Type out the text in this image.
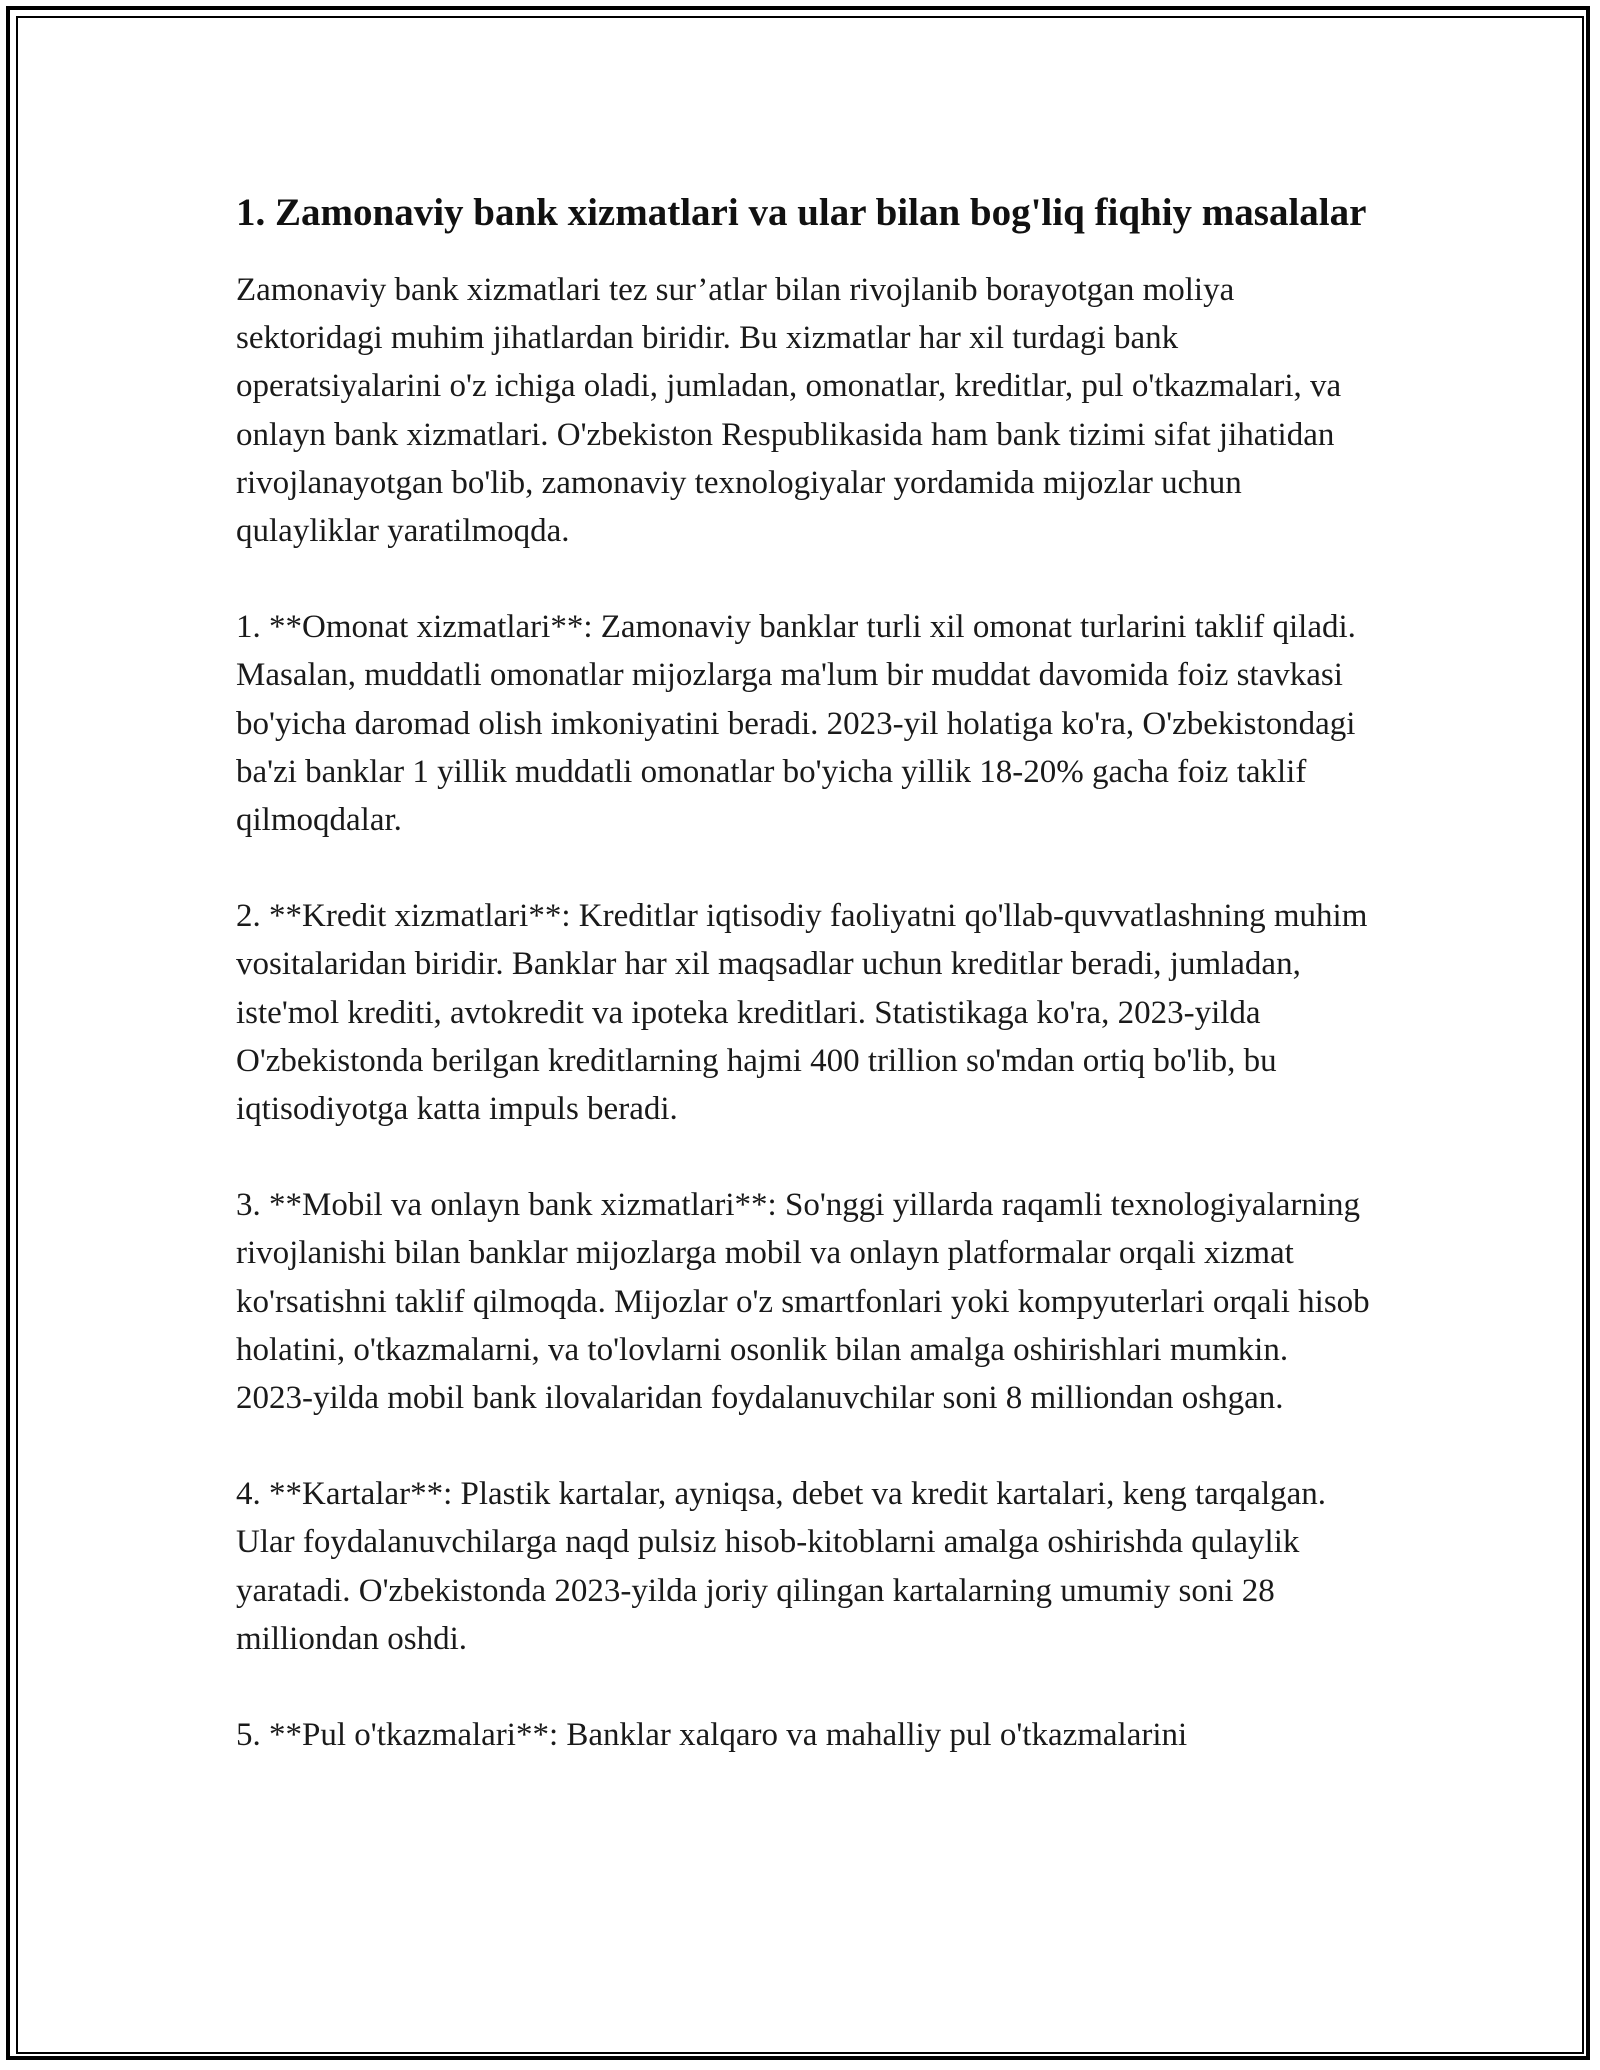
1. Zamonaviy bank xizmatlari va ular bilan bog'liq fiqhiy masalalar

Zamonaviy bank xizmatlari tez sur’atlar bilan rivojlanib borayotgan moliya sektoridagi muhim jihatlardan biridir. Bu xizmatlar har xil turdagi bank operatsiyalarini o'z ichiga oladi, jumladan, omonatlar, kreditlar, pul o'tkazmalari, va onlayn bank xizmatlari. O'zbekiston Respublikasida ham bank tizimi sifat jihatidan rivojlanayotgan bo'lib, zamonaviy texnologiyalar yordamida mijozlar uchun qulayliklar yaratilmoqda.

1. **Omonat xizmatlari**: Zamonaviy banklar turli xil omonat turlarini taklif qiladi. Masalan, muddatli omonatlar mijozlarga ma'lum bir muddat davomida foiz stavkasi bo'yicha daromad olish imkoniyatini beradi. 2023-yil holatiga ko'ra, O'zbekistondagi ba'zi banklar 1 yillik muddatli omonatlar bo'yicha yillik 18-20% gacha foiz taklif qilmoqdalar.

2. **Kredit xizmatlari**: Kreditlar iqtisodiy faoliyatni qo'llab-quvvatlashning muhim vositalaridan biridir. Banklar har xil maqsadlar uchun kreditlar beradi, jumladan, iste'mol krediti, avtokredit va ipoteka kreditlari. Statistikaga ko'ra, 2023-yilda O'zbekistonda berilgan kreditlarning hajmi 400 trillion so'mdan ortiq bo'lib, bu iqtisodiyotga katta impuls beradi.

3. **Mobil va onlayn bank xizmatlari**: So'nggi yillarda raqamli texnologiyalarning rivojlanishi bilan banklar mijozlarga mobil va onlayn platformalar orqali xizmat ko'rsatishni taklif qilmoqda. Mijozlar o'z smartfonlari yoki kompyuterlari orqali hisob holatini, o'tkazmalarni, va to'lovlarni osonlik bilan amalga oshirishlari mumkin. 2023-yilda mobil bank ilovalaridan foydalanuvchilar soni 8 milliondan oshgan.

4. **Kartalar**: Plastik kartalar, ayniqsa, debet va kredit kartalari, keng tarqalgan. Ular foydalanuvchilarga naqd pulsiz hisob-kitoblarni amalga oshirishda qulaylik yaratadi. O'zbekistonda 2023-yilda joriy qilingan kartalarning umumiy soni 28 milliondan oshdi.

5. **Pul o'tkazmalari**: Banklar xalqaro va mahalliy pul o'tkazmalarini
